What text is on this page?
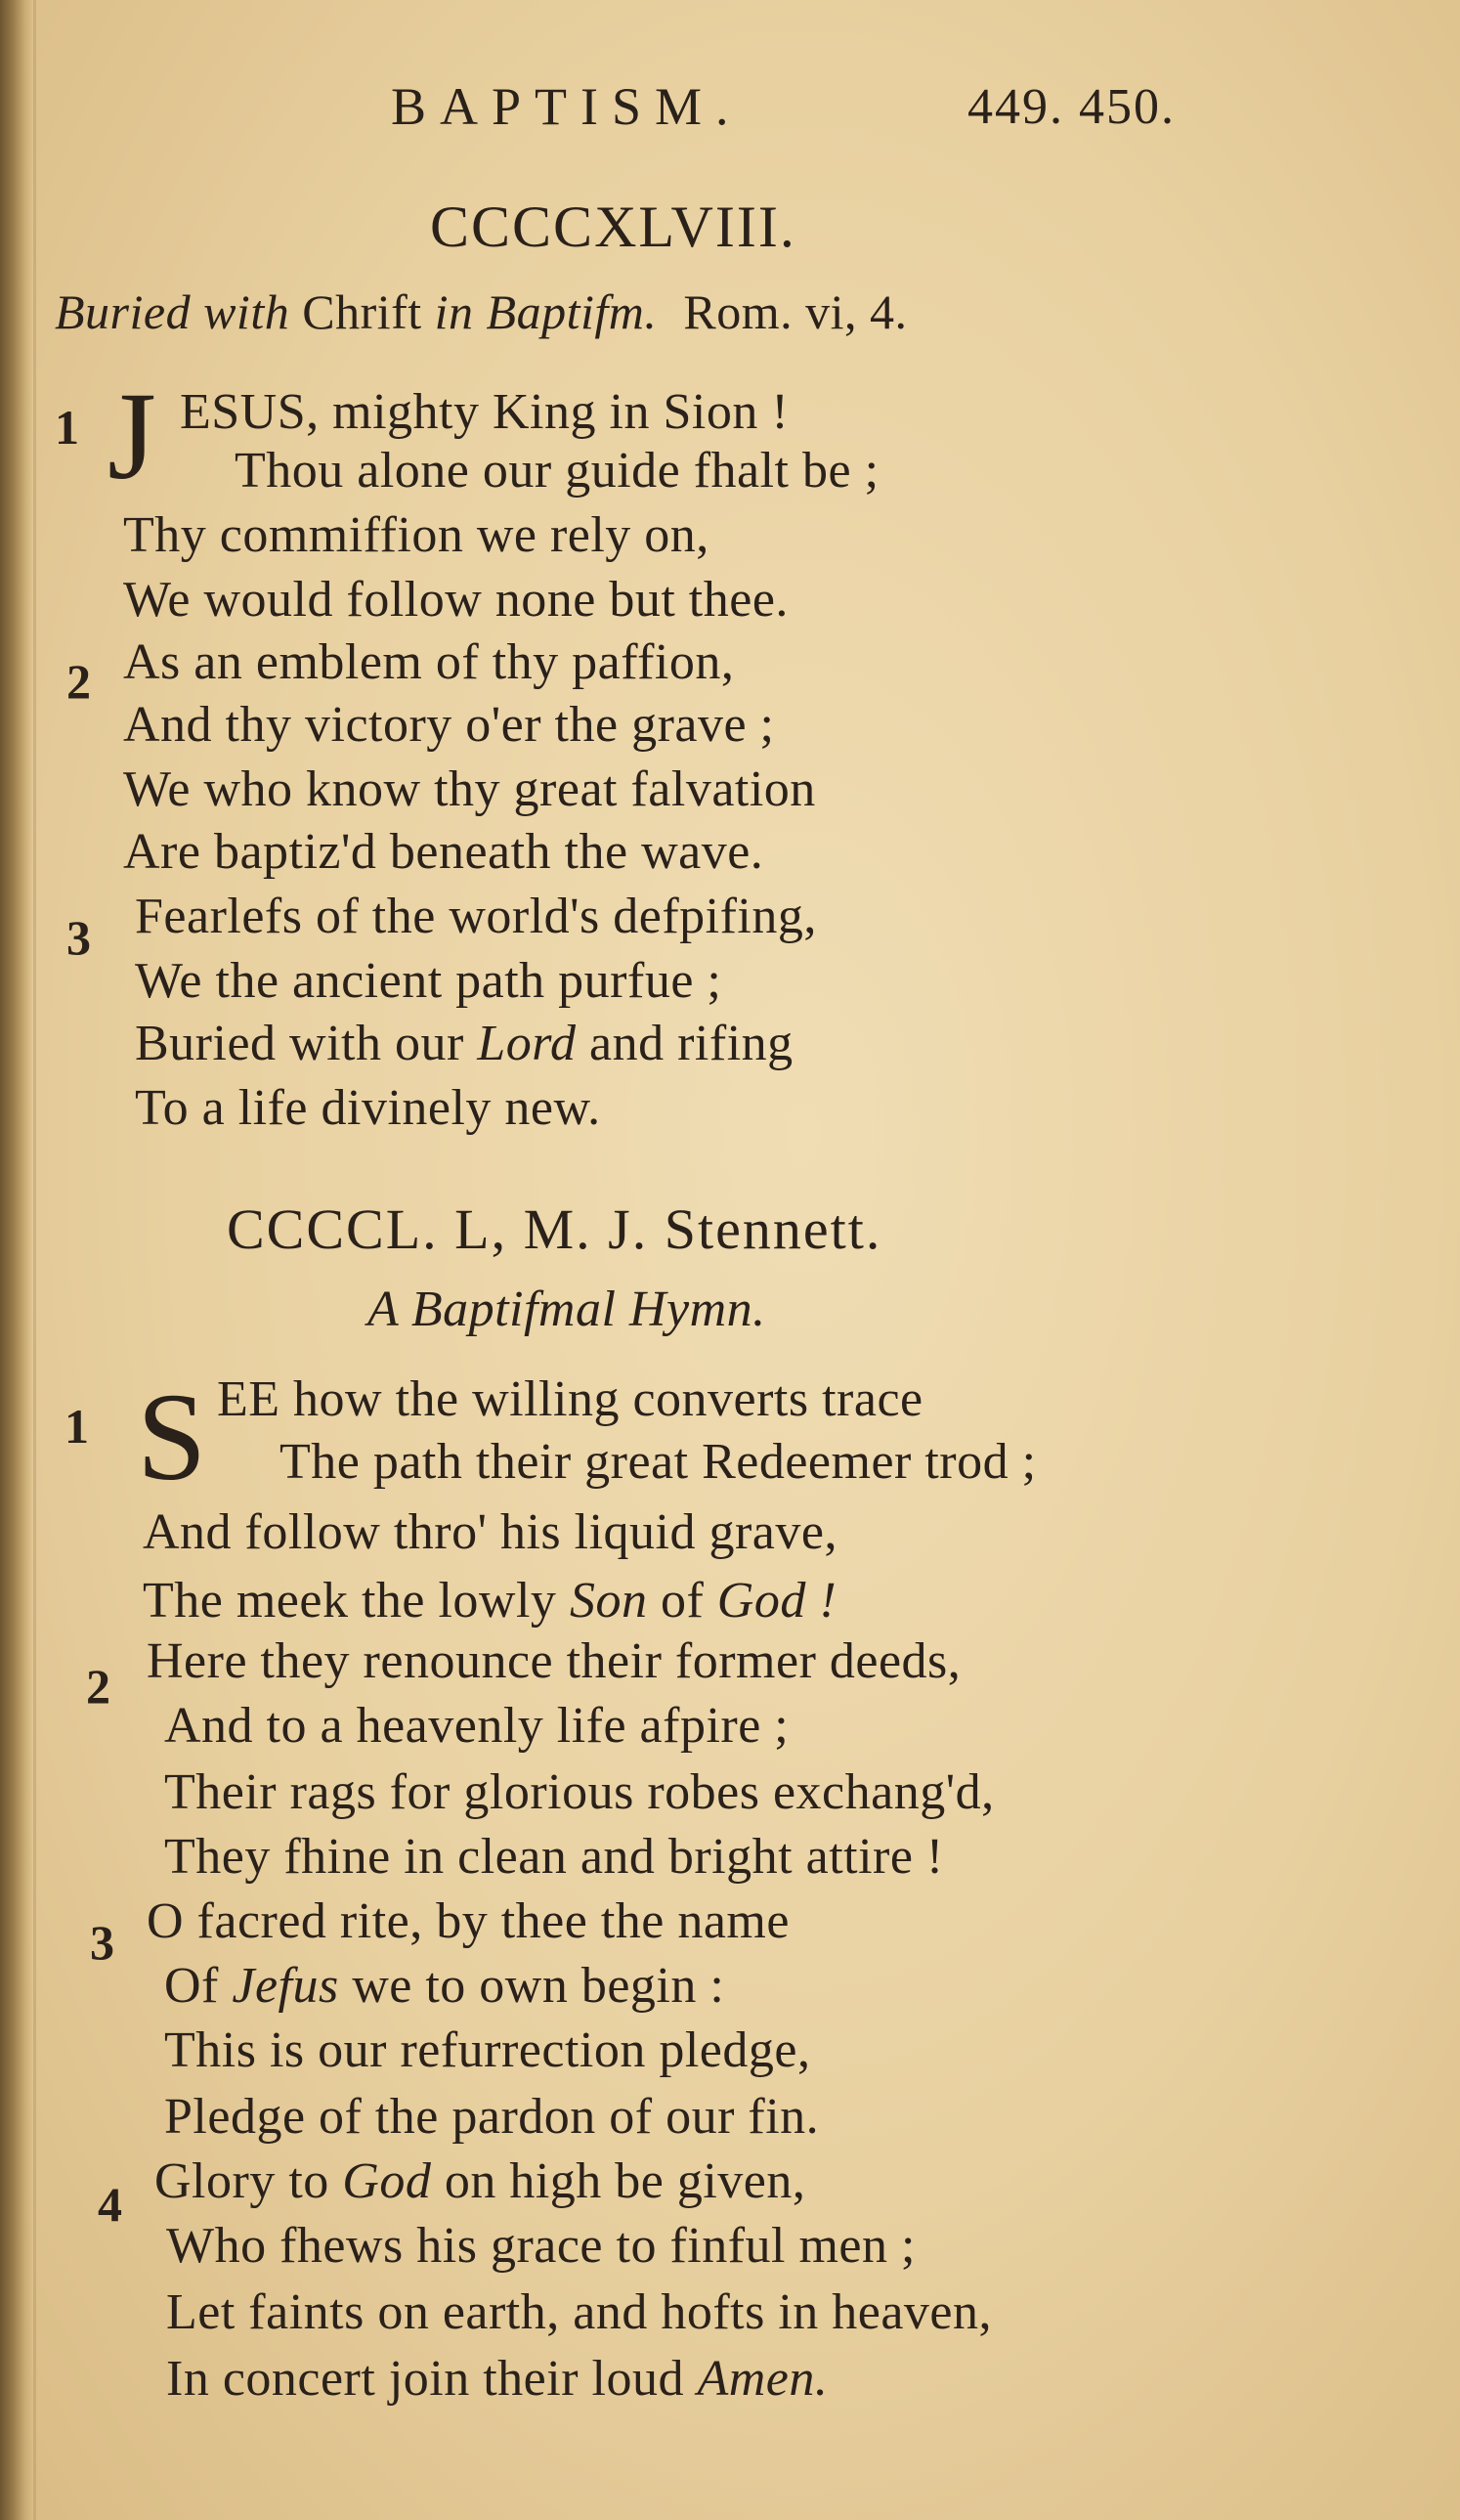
BAPTISM.	449. 450.
CCCCXLVIII.
Buried with Chrift in Baptifm. Rom. vi, 4.
1 J ESUS, mighty King in Sion !
Thou alone our guide fhalt be ;
Thy commiffion we rely on,
We would follow none but thee.
2 As an emblem of thy paffion,
And thy victory o'er the grave ;
We who know thy great falvation
Are baptiz'd beneath the wave.
3 Fearlefs of the world's defpifing,
We the ancient path purfue ;
Buried with our Lord and rifing
To a life divinely new.
CCCCL. L, M. J. Stennett.
A Baptifmal Hymn.
1 S EE how the willing converts trace
The path their great Redeemer trod ;
And follow thro' his liquid grave,
The meek the lowly Son of God !
2 Here they renounce their former deeds,
And to a heavenly life afpire ;
Their rags for glorious robes exchang'd,
They fhine in clean and bright attire !
3 O facred rite, by thee the name
Of Jefus we to own begin :
This is our refurrection pledge,
Pledge of the pardon of our fin.
4 Glory to God on high be given,
Who fhews his grace to finful men ;
Let faints on earth, and hofts in heaven,
In concert join their loud Amen.
